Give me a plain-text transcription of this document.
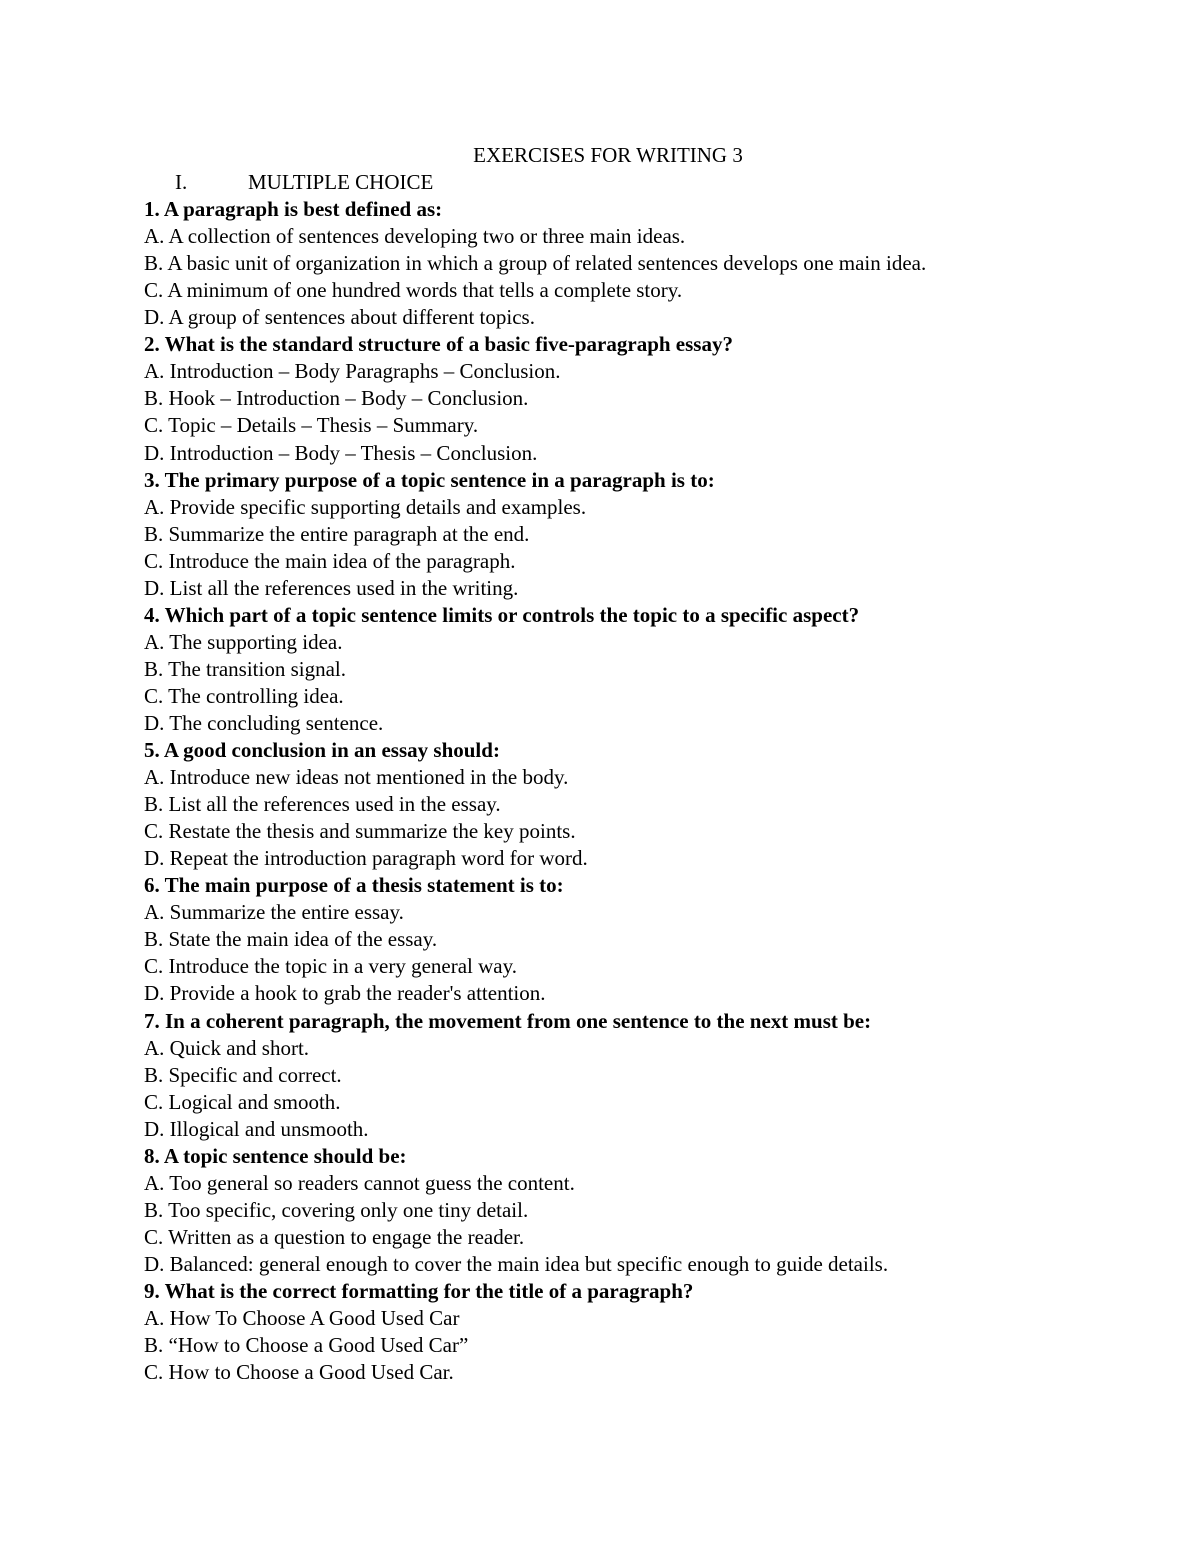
EXERCISES FOR WRITING 3
I.	MULTIPLE CHOICE
1. A paragraph is best defined as:
A. A collection of sentences developing two or three main ideas.
B. A basic unit of organization in which a group of related sentences develops one main idea.
C. A minimum of one hundred words that tells a complete story.
D. A group of sentences about different topics.
2. What is the standard structure of a basic five-paragraph essay?
A. Introduction – Body Paragraphs – Conclusion.
B. Hook – Introduction – Body – Conclusion.
C. Topic – Details – Thesis – Summary.
D. Introduction – Body – Thesis – Conclusion.
3. The primary purpose of a topic sentence in a paragraph is to:
A. Provide specific supporting details and examples.
B. Summarize the entire paragraph at the end.
C. Introduce the main idea of the paragraph.
D. List all the references used in the writing.
4. Which part of a topic sentence limits or controls the topic to a specific aspect?
A. The supporting idea.
B. The transition signal.
C. The controlling idea.
D. The concluding sentence.
5. A good conclusion in an essay should:
A. Introduce new ideas not mentioned in the body.
B. List all the references used in the essay.
C. Restate the thesis and summarize the key points.
D. Repeat the introduction paragraph word for word.
6. The main purpose of a thesis statement is to:
A. Summarize the entire essay.
B. State the main idea of the essay.
C. Introduce the topic in a very general way.
D. Provide a hook to grab the reader's attention.
7. In a coherent paragraph, the movement from one sentence to the next must be:
A. Quick and short.
B. Specific and correct.
C. Logical and smooth.
D. Illogical and unsmooth.
8. A topic sentence should be:
A. Too general so readers cannot guess the content.
B. Too specific, covering only one tiny detail.
C. Written as a question to engage the reader.
D. Balanced: general enough to cover the main idea but specific enough to guide details.
9. What is the correct formatting for the title of a paragraph?
A. How To Choose A Good Used Car
B. “How to Choose a Good Used Car”
C. How to Choose a Good Used Car.
